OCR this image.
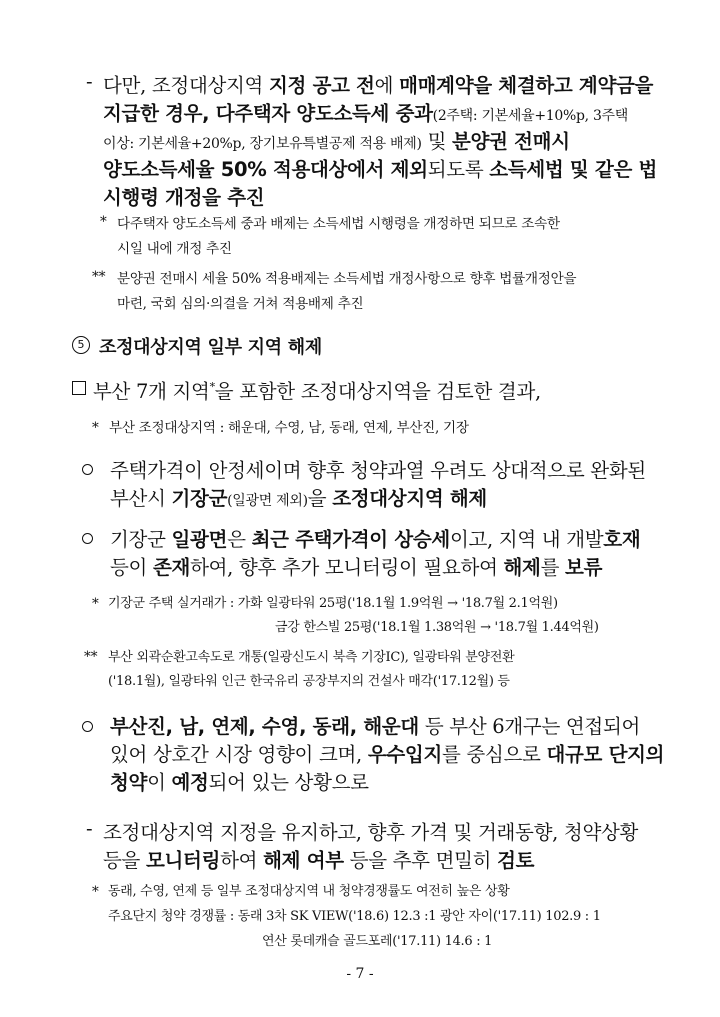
- 다만, 조정대상지역 지정 공고 전에 매매계약을 체결하고 계약금을
지급한 경우, 다주택자 양도소득세 중과(2주택: 기본세율+10%p, 3주택
이상: 기본세율+20%p, 장기보유특별공제 적용 배제) 및 분양권 전매시
양도소득세율 50% 적용대상에서 제외되도록 소득세법 및 같은 법
시행령 개정을 추진
* 다주택자 양도소득세 중과 배제는 소득세법 시행령을 개정하면 되므로 조속한
시일 내에 개정 추진
** 분양권 전매시 세율 50% 적용배제는 소득세법 개정사항으로 향후 법률개정안을
마련, 국회 심의·의결을 거쳐 적용배제 추진
5 조정대상지역 일부 지역 해제
부산 7개 지역*을 포함한 조정대상지역을 검토한 결과,
* 부산 조정대상지역 : 해운대, 수영, 남, 동래, 연제, 부산진, 기장
주택가격이 안정세이며 향후 청약과열 우려도 상대적으로 완화된
부산시 기장군(일광면 제외)을 조정대상지역 해제
기장군 일광면은 최근 주택가격이 상승세이고, 지역 내 개발호재
등이 존재하여, 향후 추가 모니터링이 필요하여 해제를 보류
* 기장군 주택 실거래가 : 가화 일광타워 25평('18.1월 1.9억원 → '18.7월 2.1억원)
금강 한스빌 25평('18.1월 1.38억원 → '18.7월 1.44억원)
** 부산 외곽순환고속도로 개통(일광신도시 북측 기장IC), 일광타워 분양전환
('18.1월), 일광타워 인근 한국유리 공장부지의 건설사 매각('17.12월) 등
부산진, 남, 연제, 수영, 동래, 해운대 등 부산 6개구는 연접되어
있어 상호간 시장 영향이 크며, 우수입지를 중심으로 대규모 단지의
청약이 예정되어 있는 상황으로
- 조정대상지역 지정을 유지하고, 향후 가격 및 거래동향, 청약상황
등을 모니터링하여 해제 여부 등을 추후 면밀히 검토
* 동래, 수영, 연제 등 일부 조정대상지역 내 청약경쟁률도 여전히 높은 상황
주요단지 청약 경쟁률 : 동래 3차 SK VIEW('18.6) 12.3 :1 광안 자이('17.11) 102.9 : 1
연산 롯데캐슬 골드포레('17.11) 14.6 : 1
- 7 -
